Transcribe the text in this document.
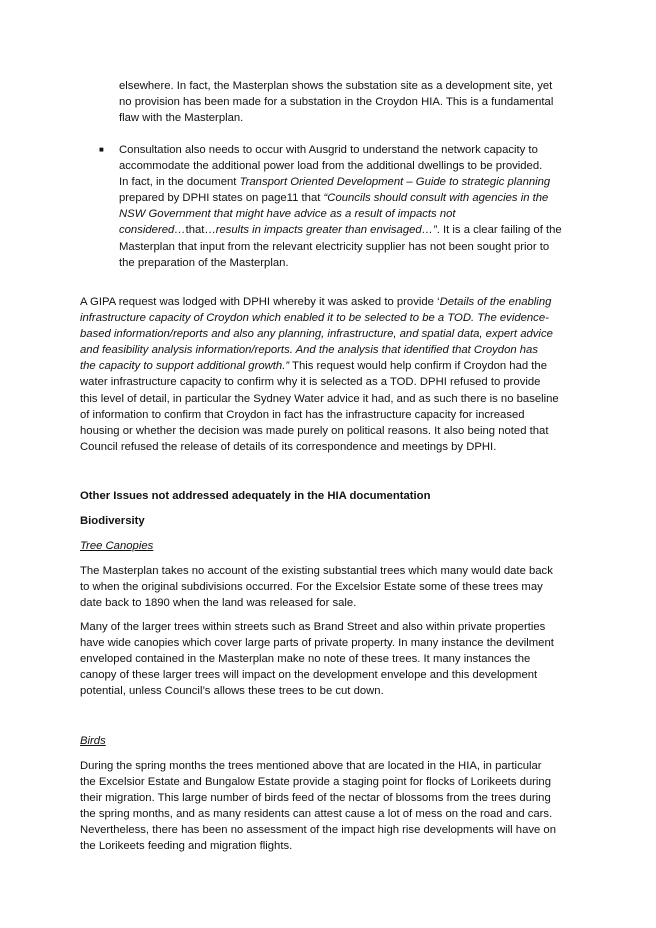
elsewhere. In fact, the Masterplan shows the substation site as a development site, yet
no provision has been made for a substation in the Croydon HIA. This is a fundamental
flaw with the Masterplan.
■ Consultation also needs to occur with Ausgrid to understand the network capacity to
accommodate the additional power load from the additional dwellings to be provided.
In fact, in the document Transport Oriented Development – Guide to strategic planning
prepared by DPHI states on page11 that “Councils should consult with agencies in the
NSW Government that might have advice as a result of impacts not
considered…that…results in impacts greater than envisaged…”. It is a clear failing of the
Masterplan that input from the relevant electricity supplier has not been sought prior to
the preparation of the Masterplan.
A GIPA request was lodged with DPHI whereby it was asked to provide ‘Details of the enabling
infrastructure capacity of Croydon which enabled it to be selected to be a TOD. The evidence-
based information/reports and also any planning, infrastructure, and spatial data, expert advice
and feasibility analysis information/reports. And the analysis that identified that Croydon has
the capacity to support additional growth.” This request would help confirm if Croydon had the
water infrastructure capacity to confirm why it is selected as a TOD. DPHI refused to provide
this level of detail, in particular the Sydney Water advice it had, and as such there is no baseline
of information to confirm that Croydon in fact has the infrastructure capacity for increased
housing or whether the decision was made purely on political reasons. It also being noted that
Council refused the release of details of its correspondence and meetings by DPHI.
Other Issues not addressed adequately in the HIA documentation
Biodiversity
Tree Canopies
The Masterplan takes no account of the existing substantial trees which many would date back
to when the original subdivisions occurred. For the Excelsior Estate some of these trees may
date back to 1890 when the land was released for sale.
Many of the larger trees within streets such as Brand Street and also within private properties
have wide canopies which cover large parts of private property. In many instance the devilment
enveloped contained in the Masterplan make no note of these trees. It many instances the
canopy of these larger trees will impact on the development envelope and this development
potential, unless Council’s allows these trees to be cut down.
Birds
During the spring months the trees mentioned above that are located in the HIA, in particular
the Excelsior Estate and Bungalow Estate provide a staging point for flocks of Lorikeets during
their migration. This large number of birds feed of the nectar of blossoms from the trees during
the spring months, and as many residents can attest cause a lot of mess on the road and cars.
Nevertheless, there has been no assessment of the impact high rise developments will have on
the Lorikeets feeding and migration flights.
